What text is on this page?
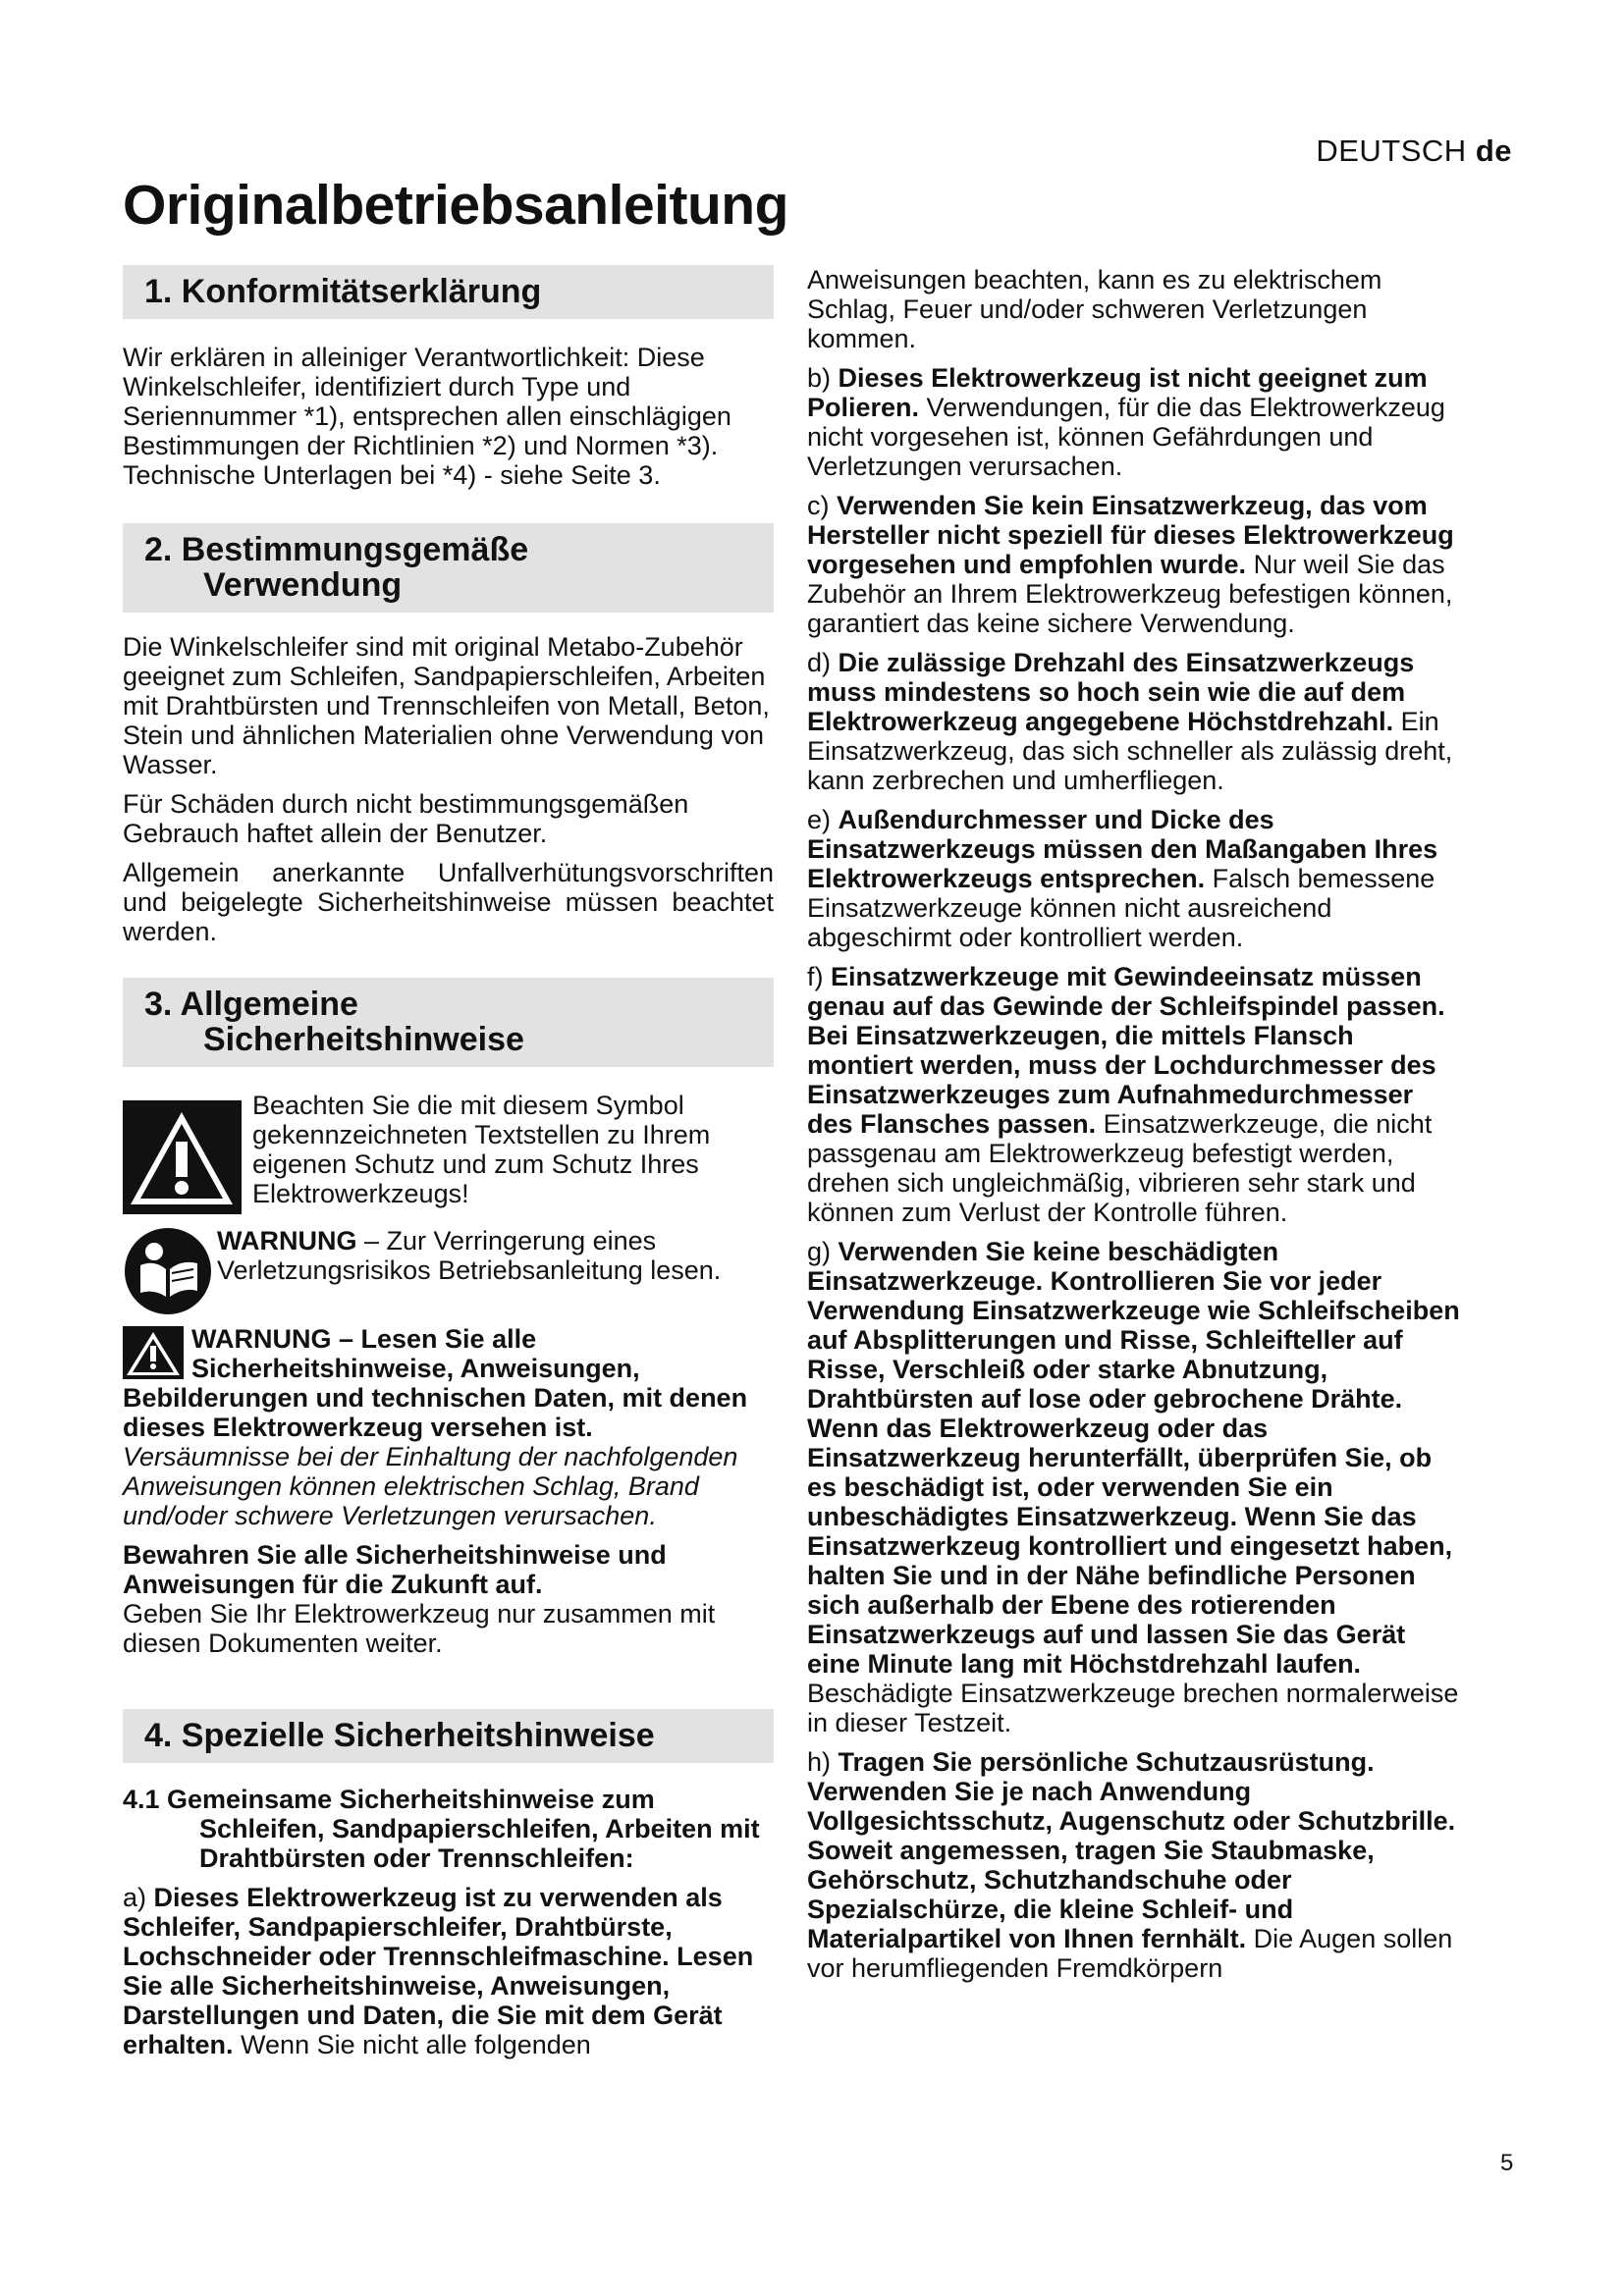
DEUTSCH de
Originalbetriebsanleitung
1. Konformitätserklärung

Wir erklären in alleiniger Verantwortlichkeit: Diese Winkelschleifer, identifiziert durch Type und Seriennummer *1), entsprechen allen einschlägigen Bestimmungen der Richtlinien *2) und Normen *3). Technische Unterlagen bei *4) - siehe Seite 3.

2. Bestimmungsgemäße
Verwendung

Die Winkelschleifer sind mit original Metabo-Zubehör geeignet zum Schleifen, Sandpapierschleifen, Arbeiten mit Drahtbürsten und Trennschleifen von Metall, Beton, Stein und ähnlichen Materialien ohne Verwendung von Wasser.

Für Schäden durch nicht bestimmungsgemäßen Gebrauch haftet allein der Benutzer.

Allgemein anerkannte Unfallverhütungsvorschriften und beigelegte Sicherheitshinweise müssen beachtet werden.

3. Allgemeine
Sicherheitshinweise

Beachten Sie die mit diesem Symbol gekennzeichneten Textstellen zu Ihrem eigenen Schutz und zum Schutz Ihres Elektrowerkzeugs!

WARNUNG – Zur Verringerung eines Verletzungsrisikos Betriebsanleitung lesen.

WARNUNG – Lesen Sie alle Sicherheitshinweise, Anweisungen, Bebilderungen und technischen Daten, mit denen dieses Elektrowerkzeug versehen ist.

Versäumnisse bei der Einhaltung der nachfolgenden Anweisungen können elektrischen Schlag, Brand und/oder schwere Verletzungen verursachen.

Bewahren Sie alle Sicherheitshinweise und Anweisungen für die Zukunft auf.
Geben Sie Ihr Elektrowerkzeug nur zusammen mit diesen Dokumenten weiter.

4. Spezielle Sicherheitshinweise
4.1 Gemeinsame Sicherheitshinweise zum
Schleifen, Sandpapierschleifen, Arbeiten mit Drahtbürsten oder Trennschleifen:

a) Dieses Elektrowerkzeug ist zu verwenden als Schleifer, Sandpapierschleifer, Drahtbürste, Lochschneider oder Trennschleifmaschine. Lesen Sie alle Sicherheitshinweise, Anweisungen, Darstellungen und Daten, die Sie mit dem Gerät erhalten. Wenn Sie nicht alle folgenden

Anweisungen beachten, kann es zu elektrischem Schlag, Feuer und/oder schweren Verletzungen kommen.

b) Dieses Elektrowerkzeug ist nicht geeignet zum Polieren. Verwendungen, für die das Elektrowerkzeug nicht vorgesehen ist, können Gefährdungen und Verletzungen verursachen.

c) Verwenden Sie kein Einsatzwerkzeug, das vom Hersteller nicht speziell für dieses Elektrowerkzeug vorgesehen und empfohlen wurde. Nur weil Sie das Zubehör an Ihrem Elektrowerkzeug befestigen können, garantiert das keine sichere Verwendung.

d) Die zulässige Drehzahl des Einsatzwerkzeugs muss mindestens so hoch sein wie die auf dem Elektrowerkzeug angegebene Höchstdrehzahl. Ein Einsatzwerkzeug, das sich schneller als zulässig dreht, kann zerbrechen und umherfliegen.

e) Außendurchmesser und Dicke des Einsatzwerkzeugs müssen den Maßangaben Ihres Elektrowerkzeugs entsprechen. Falsch bemessene Einsatzwerkzeuge können nicht ausreichend abgeschirmt oder kontrolliert werden.

f) Einsatzwerkzeuge mit Gewindeeinsatz müssen genau auf das Gewinde der Schleifspindel passen. Bei Einsatzwerkzeugen, die mittels Flansch montiert werden, muss der Lochdurchmesser des Einsatzwerkzeuges zum Aufnahmedurchmesser des Flansches passen. Einsatzwerkzeuge, die nicht passgenau am Elektrowerkzeug befestigt werden, drehen sich ungleichmäßig, vibrieren sehr stark und können zum Verlust der Kontrolle führen.

g) Verwenden Sie keine beschädigten Einsatzwerkzeuge. Kontrollieren Sie vor jeder Verwendung Einsatzwerkzeuge wie Schleifscheiben auf Absplitterungen und Risse, Schleifteller auf Risse, Verschleiß oder starke Abnutzung, Drahtbürsten auf lose oder gebrochene Drähte. Wenn das Elektrowerkzeug oder das Einsatzwerkzeug herunterfällt, überprüfen Sie, ob es beschädigt ist, oder verwenden Sie ein unbeschädigtes Einsatzwerkzeug. Wenn Sie das Einsatzwerkzeug kontrolliert und eingesetzt haben, halten Sie und in der Nähe befindliche Personen sich außerhalb der Ebene des rotierenden Einsatzwerkzeugs auf und lassen Sie das Gerät eine Minute lang mit Höchstdrehzahl laufen. Beschädigte Einsatzwerkzeuge brechen normalerweise in dieser Testzeit.

h) Tragen Sie persönliche Schutzausrüstung. Verwenden Sie je nach Anwendung Vollgesichtsschutz, Augenschutz oder Schutzbrille. Soweit angemessen, tragen Sie Staubmaske, Gehörschutz, Schutzhandschuhe oder Spezialschürze, die kleine Schleif- und Materialpartikel von Ihnen fernhält. Die Augen sollen vor herumfliegenden Fremdkörpern

5
